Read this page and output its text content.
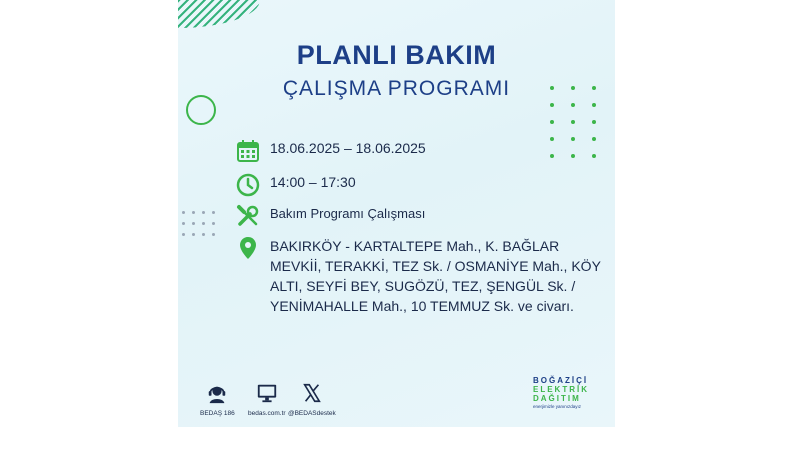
PLANLI BAKIM
ÇALIŞMA PROGRAMI
18.06.2025 – 18.06.2025
14:00 – 17:30
Bakım Programı Çalışması
BAKIRKÖY - KARTALTEPE Mah., K. BAĞLAR MEVKİİ, TERAKKİ, TEZ Sk. / OSMANİYE Mah., KÖY ALTI, SEYFİ BEY, SUGÖZÜ, TEZ, ŞENGÜL Sk. / YENİMAHALLE Mah., 10 TEMMUZ Sk. ve civarı.
BEDAŞ 186 bedas.com.tr @BEDASdestek
BOĞAZİÇİ
ELEKTRİK
DAĞITIM
enerjimizle yanınızdayız
